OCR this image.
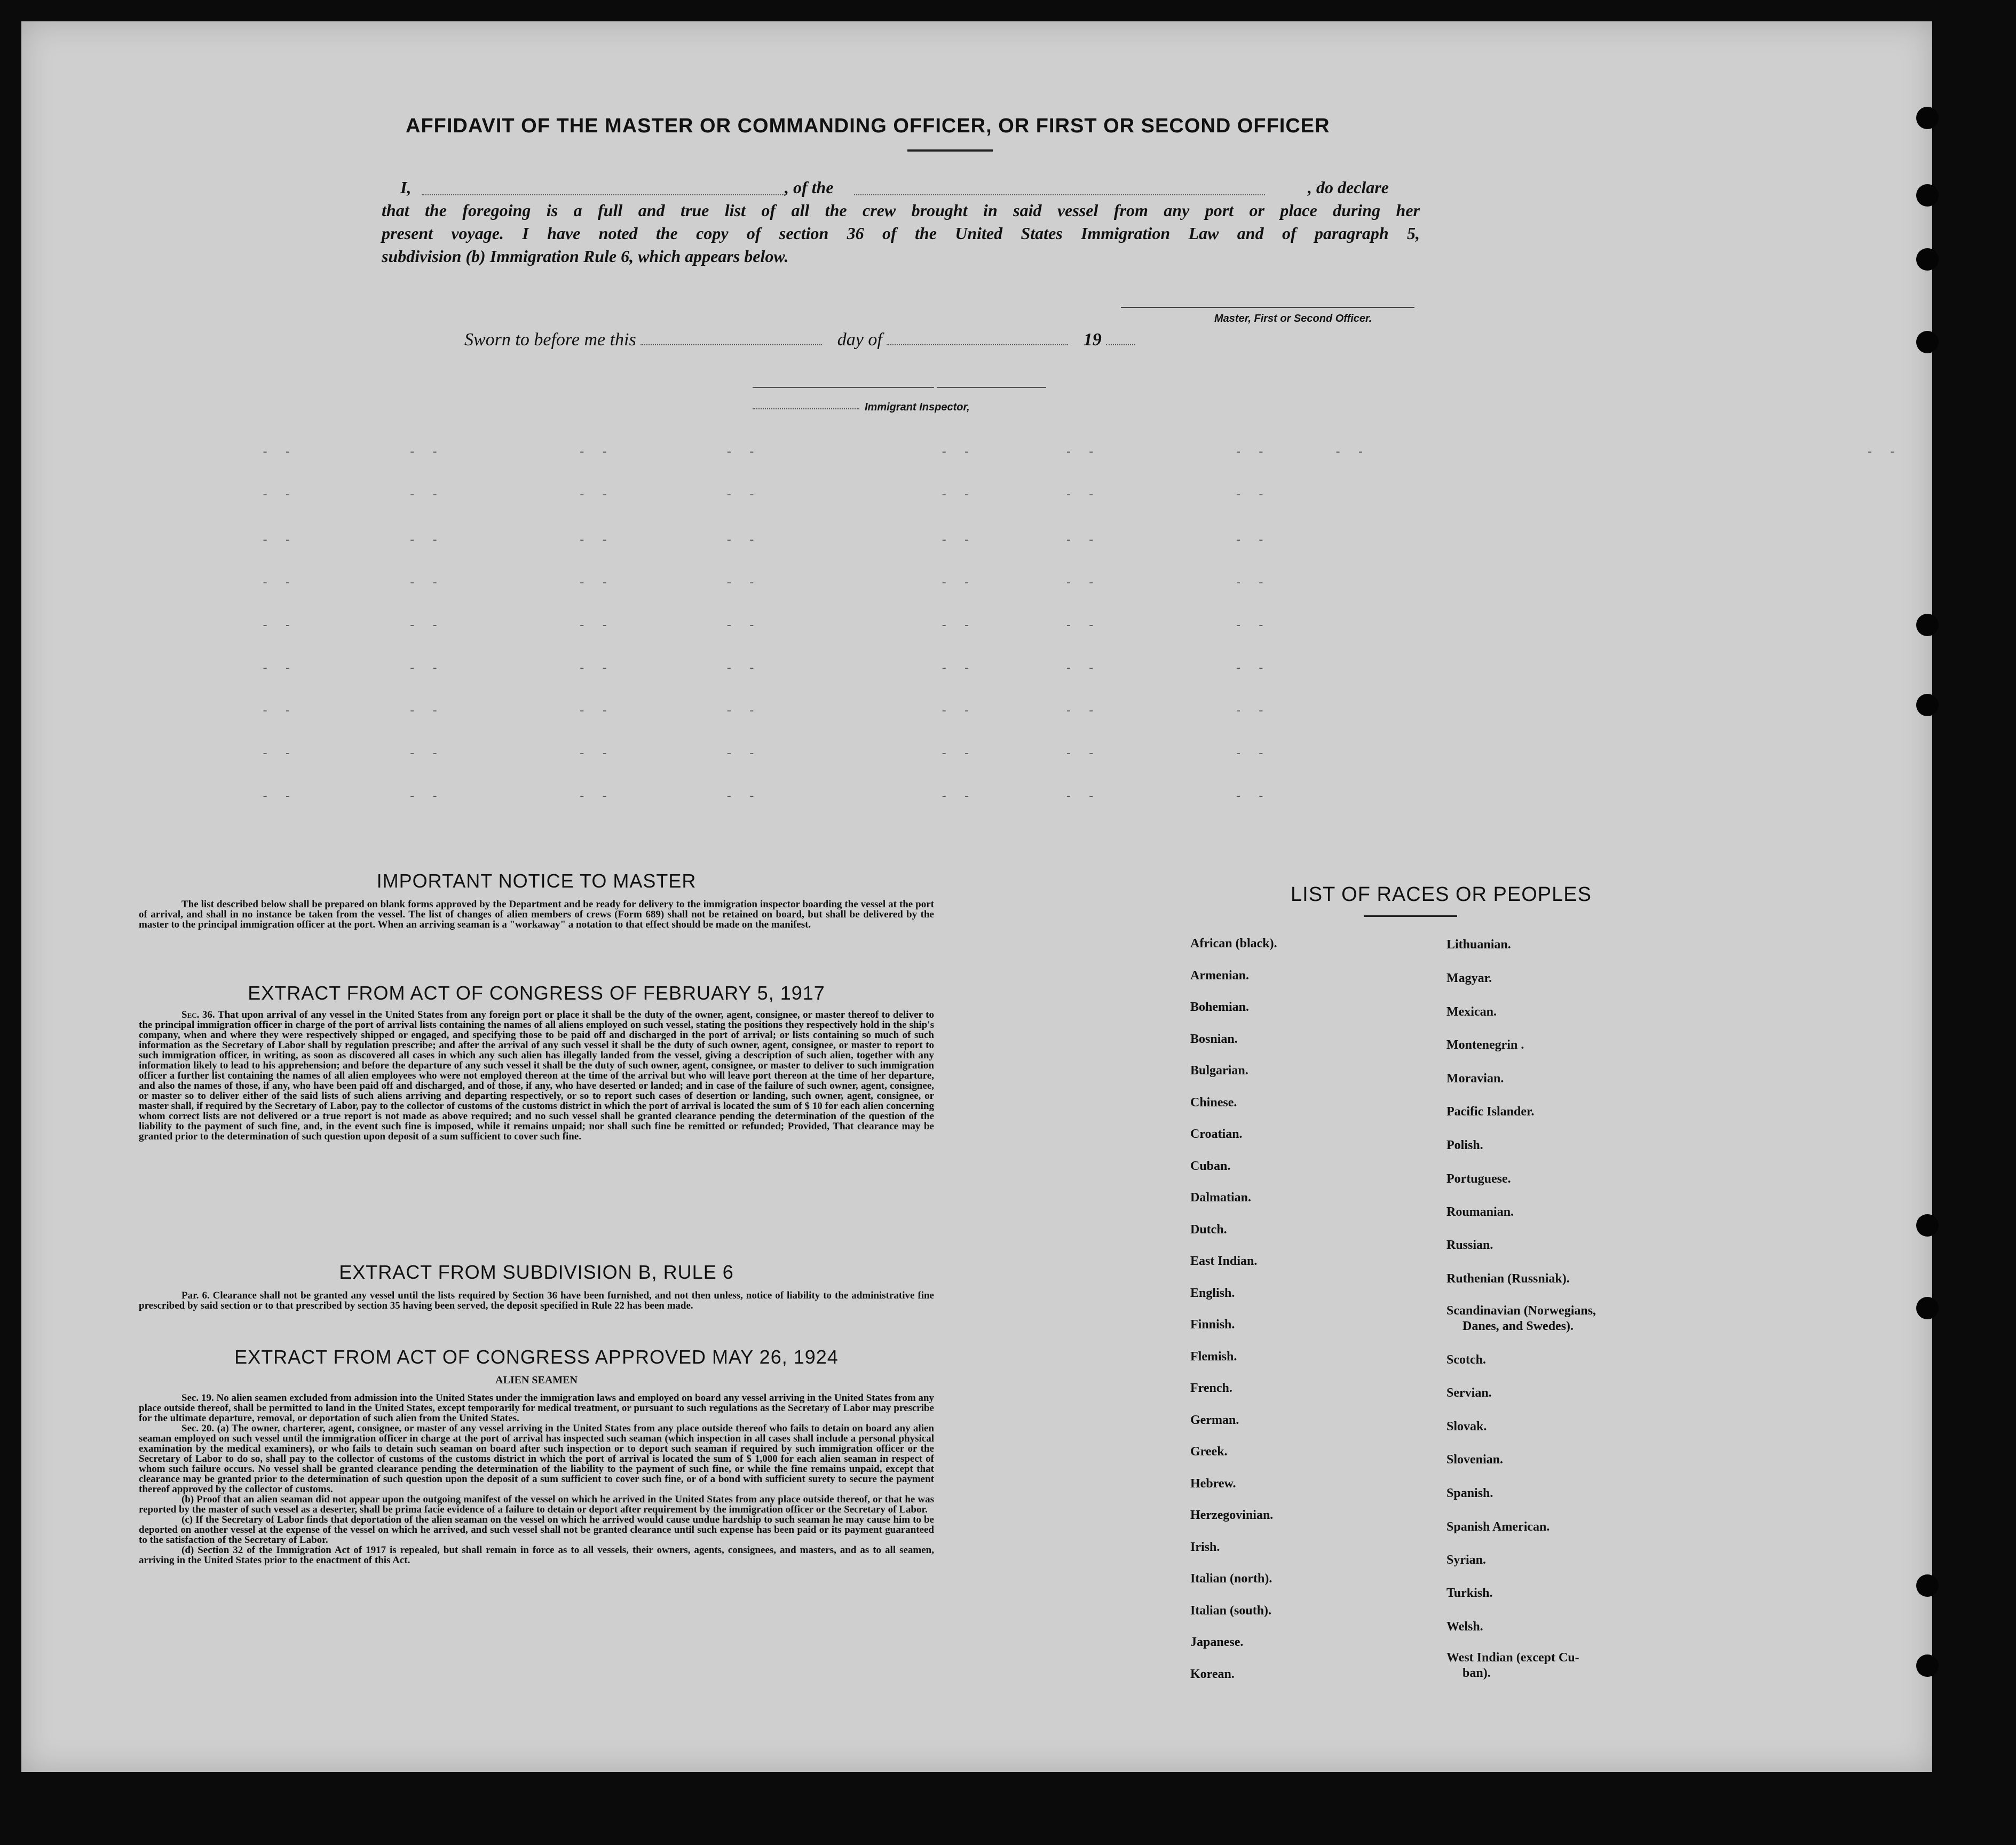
AFFIDAVIT OF THE MASTER OR COMMANDING OFFICER, OR FIRST OR SECOND OFFICER
I,	, of the	, do declare
that the foregoing is a full and true list of all the crew brought in said vessel from any port or place during her
present voyage. I have noted the copy of section 36 of the United States Immigration Law and of paragraph 5,
subdivision (b) Immigration Rule 6, which appears below.
Master, First or Second Officer.
Sworn to before me this	day of	19
Immigrant Inspector,
- -          - -            - -          - -                - -        - -            - -
- -          - -            - -          - -                - -        - -            - -
- -          - -            - -          - -                - -        - -            - -
- -          - -            - -          - -                - -        - -            - -
- -          - -            - -          - -                - -        - -            - -
- -          - -            - -          - -                - -        - -            - -
- -          - -            - -          - -                - -        - -            - -
- -          - -            - -          - -                - -        - -            - -
- -          - -            - -          - -                - -        - -            - -
- -                                            - -
IMPORTANT NOTICE TO MASTER
The list described below shall be prepared on blank forms approved by the Department and be ready for delivery to the immigration inspector boarding the vessel at the port of arrival, and shall in no instance be taken from the vessel. The list of changes of alien members of crews (Form 689) shall not be retained on board, but shall be delivered by the master to the principal immigration officer at the port. When an arriving seaman is a "workaway" a notation to that effect should be made on the manifest.
EXTRACT FROM ACT OF CONGRESS OF FEBRUARY 5, 1917
Sec. 36. That upon arrival of any vessel in the United States from any foreign port or place it shall be the duty of the owner, agent, consignee, or master thereof to deliver to the principal immigration officer in charge of the port of arrival lists containing the names of all aliens employed on such vessel, stating the positions they respectively hold in the ship's company, when and where they were respectively shipped or engaged, and specifying those to be paid off and discharged in the port of arrival; or lists containing so much of such information as the Secretary of Labor shall by regulation prescribe; and after the arrival of any such vessel it shall be the duty of such owner, agent, consignee, or master to report to such immigration officer, in writing, as soon as discovered all cases in which any such alien has illegally landed from the vessel, giving a description of such alien, together with any information likely to lead to his apprehension; and before the departure of any such vessel it shall be the duty of such owner, agent, consignee, or master to deliver to such immigration officer a further list containing the names of all alien employees who were not employed thereon at the time of the arrival but who will leave port thereon at the time of her departure, and also the names of those, if any, who have been paid off and discharged, and of those, if any, who have deserted or landed; and in case of the failure of such owner, agent, consignee, or master so to deliver either of the said lists of such aliens arriving and departing respectively, or so to report such cases of desertion or landing, such owner, agent, consignee, or master shall, if required by the Secretary of Labor, pay to the collector of customs of the customs district in which the port of arrival is located the sum of $ 10 for each alien concerning whom correct lists are not delivered or a true report is not made as above required; and no such vessel shall be granted clearance pending the determination of the question of the liability to the payment of such fine, and, in the event such fine is imposed, while it remains unpaid; nor shall such fine be remitted or refunded; Provided, That clearance may be granted prior to the determination of such question upon deposit of a sum sufficient to cover such fine.
EXTRACT FROM SUBDIVISION B, RULE 6
Par. 6. Clearance shall not be granted any vessel until the lists required by Section 36 have been furnished, and not then unless, notice of liability to the administrative fine prescribed by said section or to that prescribed by section 35 having been served, the deposit specified in Rule 22 has been made.
EXTRACT FROM ACT OF CONGRESS APPROVED MAY 26, 1924
ALIEN SEAMEN
Sec. 19. No alien seamen excluded from admission into the United States under the immigration laws and employed on board any vessel arriving in the United States from any place outside thereof, shall be permitted to land in the United States, except temporarily for medical treatment, or pursuant to such regulations as the Secretary of Labor may prescribe for the ultimate departure, removal, or deportation of such alien from the United States.
Sec. 20. (a) The owner, charterer, agent, consignee, or master of any vessel arriving in the United States from any place outside thereof who fails to detain on board any alien seaman employed on such vessel until the immigration officer in charge at the port of arrival has inspected such seaman (which inspection in all cases shall include a personal physical examination by the medical examiners), or who fails to detain such seaman on board after such inspection or to deport such seaman if required by such immigration officer or the Secretary of Labor to do so, shall pay to the collector of customs of the customs district in which the port of arrival is located the sum of $ 1,000 for each alien seaman in respect of whom such failure occurs. No vessel shall be granted clearance pending the determination of the liability to the payment of such fine, or while the fine remains unpaid, except that clearance may be granted prior to the determination of such question upon the deposit of a sum sufficient to cover such fine, or of a bond with sufficient surety to secure the payment thereof approved by the collector of customs.
(b) Proof that an alien seaman did not appear upon the outgoing manifest of the vessel on which he arrived in the United States from any place outside thereof, or that he was reported by the master of such vessel as a deserter, shall be prima facie evidence of a failure to detain or deport after requirement by the immigration officer or the Secretary of Labor.
(c) If the Secretary of Labor finds that deportation of the alien seaman on the vessel on which he arrived would cause undue hardship to such seaman he may cause him to be deported on another vessel at the expense of the vessel on which he arrived, and such vessel shall not be granted clearance until such expense has been paid or its payment guaranteed to the satisfaction of the Secretary of Labor.
(d) Section 32 of the Immigration Act of 1917 is repealed, but shall remain in force as to all vessels, their owners, agents, consignees, and masters, and as to all seamen, arriving in the United States prior to the enactment of this Act.
LIST OF RACES OR PEOPLES
African (black).
Armenian.
Bohemian.
Bosnian.
Bulgarian.
Chinese.
Croatian.
Cuban.
Dalmatian.
Dutch.
East Indian.
English.
Finnish.
Flemish.
French.
German.
Greek.
Hebrew.
Herzegovinian.
Irish.
Italian (north).
Italian (south).
Japanese.
Korean.
Lithuanian.
Magyar.
Mexican.
Montenegrin .
Moravian.
Pacific Islander.
Polish.
Portuguese.
Roumanian.
Russian.
Ruthenian (Russniak).
Scandinavian (Norwegians,
Danes, and Swedes).
Scotch.
Servian.
Slovak.
Slovenian.
Spanish.
Spanish American.
Syrian.
Turkish.
Welsh.
West Indian (except Cu-
ban).
